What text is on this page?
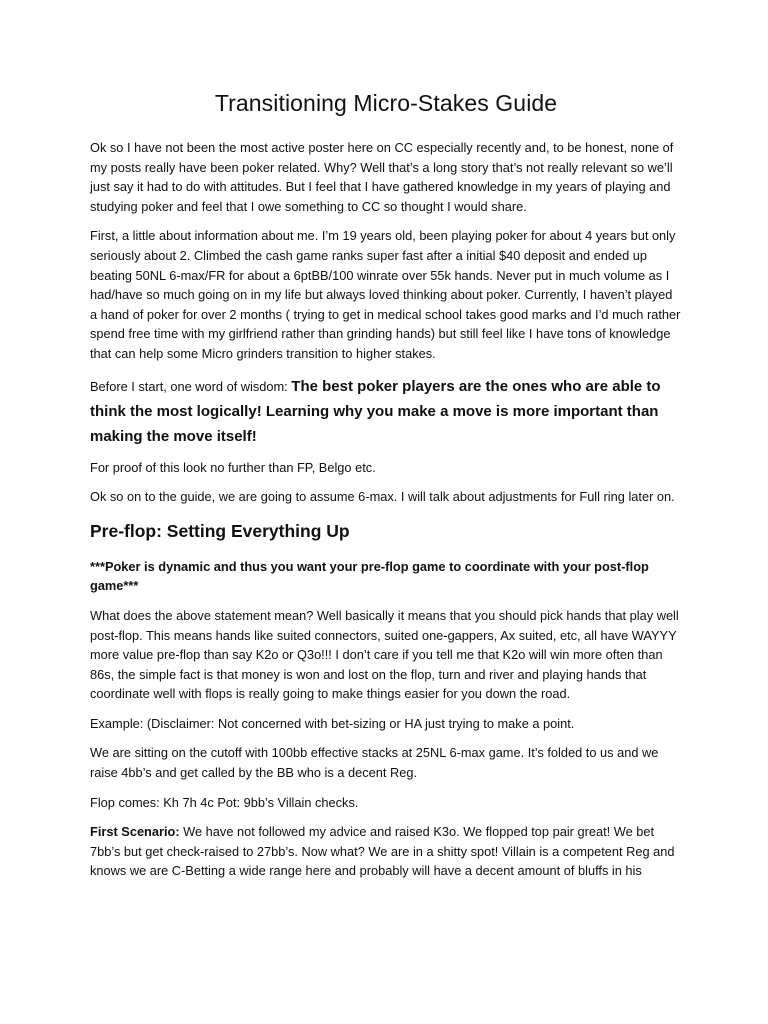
Transitioning Micro-Stakes Guide

Ok so I have not been the most active poster here on CC especially recently and, to be honest, none of my posts really have been poker related. Why? Well that’s a long story that’s not really relevant so we’ll just say it had to do with attitudes. But I feel that I have gathered knowledge in my years of playing and studying poker and feel that I owe something to CC so thought I would share.

First, a little about information about me. I’m 19 years old, been playing poker for about 4 years but only seriously about 2. Climbed the cash game ranks super fast after a initial $40 deposit and ended up beating 50NL 6-max/FR for about a 6ptBB/100 winrate over 55k hands. Never put in much volume as I had/have so much going on in my life but always loved thinking about poker. Currently, I haven’t played a hand of poker for over 2 months ( trying to get in medical school takes good marks and I’d much rather spend free time with my girlfriend rather than grinding hands) but still feel like I have tons of knowledge that can help some Micro grinders transition to higher stakes.

Before I start, one word of wisdom: The best poker players are the ones who are able to think the most logically! Learning why you make a move is more important than making the move itself!

For proof of this look no further than FP, Belgo etc.

Ok so on to the guide, we are going to assume 6-max. I will talk about adjustments for Full ring later on.

Pre-flop: Setting Everything Up

***Poker is dynamic and thus you want your pre-flop game to coordinate with your post-flop game***

What does the above statement mean? Well basically it means that you should pick hands that play well post-flop. This means hands like suited connectors, suited one-gappers, Ax suited, etc, all have WAYYY more value pre-flop than say K2o or Q3o!!! I don’t care if you tell me that K2o will win more often than 86s, the simple fact is that money is won and lost on the flop, turn and river and playing hands that coordinate well with flops is really going to make things easier for you down the road.

Example: (Disclaimer: Not concerned with bet-sizing or HA just trying to make a point.

We are sitting on the cutoff with 100bb effective stacks at 25NL 6-max game. It’s folded to us and we raise 4bb’s and get called by the BB who is a decent Reg.

Flop comes: Kh 7h 4c Pot: 9bb’s Villain checks.

First Scenario: We have not followed my advice and raised K3o. We flopped top pair great! We bet 7bb’s but get check-raised to 27bb’s. Now what? We are in a shitty spot! Villain is a competent Reg and knows we are C-Betting a wide range here and probably will have a decent amount of bluffs in his
